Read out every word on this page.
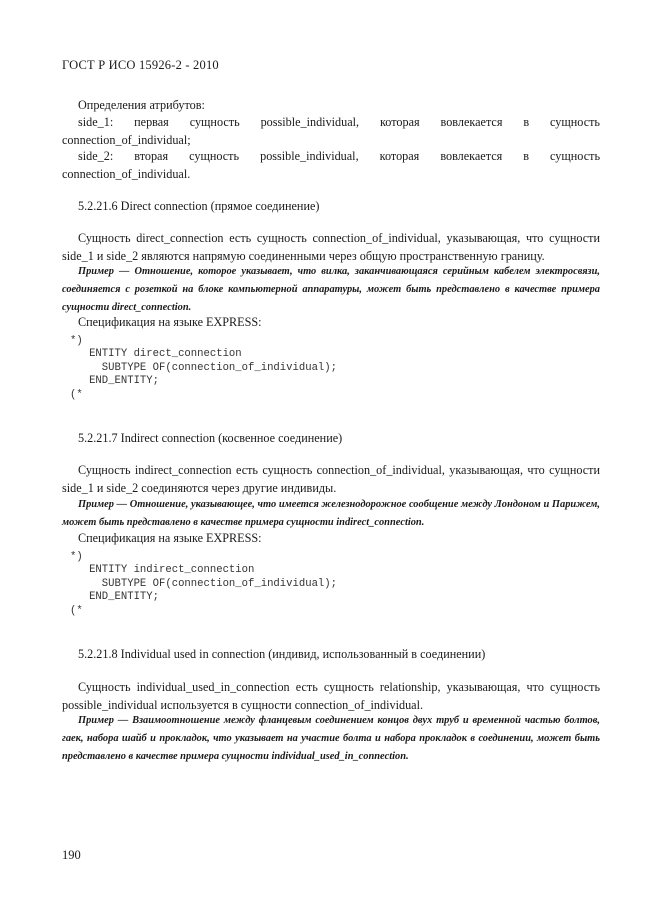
ГОСТ Р ИСО 15926-2 - 2010
Определения атрибутов:
side_1: первая сущность possible_individual, которая вовлекается в сущность connection_of_individual;
side_2: вторая сущность possible_individual, которая вовлекается в сущность connection_of_individual.
5.2.21.6 Direct connection (прямое соединение)
Сущность direct_connection есть сущность connection_of_individual, указывающая, что сущности side_1 и side_2 являются напрямую соединенными через общую пространственную границу.
Пример — Отношение, которое указывает, что вилка, заканчивающаяся серийным кабелем электросвязи, соединяется с розеткой на блоке компьютерной аппаратуры, может быть представлено в качестве примера сущности direct_connection.
Спецификация на языке EXPRESS:
*)
ENTITY direct_connection
SUBTYPE OF(connection_of_individual);
END_ENTITY;
(*
5.2.21.7 Indirect connection (косвенное соединение)
Сущность indirect_connection есть сущность connection_of_individual, указывающая, что сущности side_1 и side_2 соединяются через другие индивиды.
Пример — Отношение, указывающее, что имеется железнодорожное сообщение между Лондоном и Парижем, может быть представлено в качестве примера сущности indirect_connection.
Спецификация на языке EXPRESS:
*)
ENTITY indirect_connection
SUBTYPE OF(connection_of_individual);
END_ENTITY;
(*
5.2.21.8 Individual used in connection (индивид, использованный в соединении)
Сущность individual_used_in_connection есть сущность relationship, указывающая, что сущность possible_individual используется в сущности connection_of_individual.
Пример — Взаимоотношение между фланцевым соединением концов двух труб и временной частью болтов, гаек, набора шайб и прокладок, что указывает на участие болта и набора прокладок в соединении, может быть представлено в качестве примера сущности individual_used_in_connection.
190
